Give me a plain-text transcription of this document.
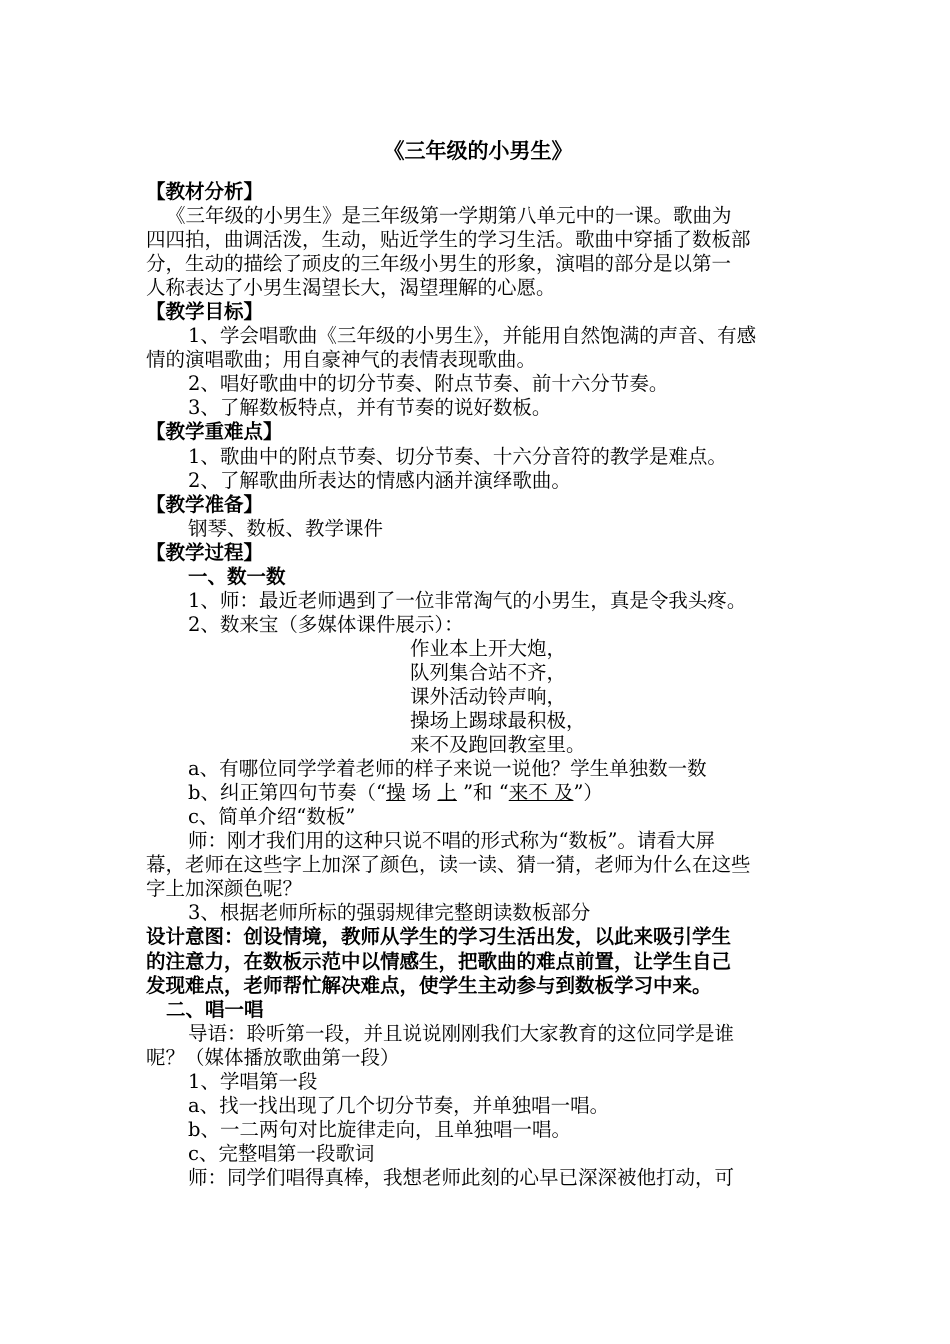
《三年级的小男生》
【教材分析】
《三年级的小男生》是三年级第一学期第八单元中的一课。歌曲为
四四拍，曲调活泼，生动，贴近学生的学习生活。歌曲中穿插了数板部
分，生动的描绘了顽皮的三年级小男生的形象，演唱的部分是以第一
人称表达了小男生渴望长大，渴望理解的心愿。
【教学目标】
1、学会唱歌曲《三年级的小男生》，并能用自然饱满的声音、有感
情的演唱歌曲；用自豪神气的表情表现歌曲。
2、唱好歌曲中的切分节奏、附点节奏、前十六分节奏。
3、了解数板特点，并有节奏的说好数板。
【教学重难点】
1、歌曲中的附点节奏、切分节奏、十六分音符的教学是难点。
2、了解歌曲所表达的情感内涵并演绎歌曲。
【教学准备】
钢琴、数板、教学课件
【教学过程】
一、数一数
1、师：最近老师遇到了一位非常淘气的小男生，真是令我头疼。
2、数来宝（多媒体课件展示）：
作业本上开大炮，
队列集合站不齐，
课外活动铃声响，
操场上踢球最积极，
来不及跑回教室里。
a、有哪位同学学着老师的样子来说一说他？学生单独数一数
b、纠正第四句节奏（“操 场 上 ”和 “来不 及”）
c、简单介绍“数板”
师：刚才我们用的这种只说不唱的形式称为“数板”。请看大屏
幕，老师在这些字上加深了颜色，读一读、猜一猜，老师为什么在这些
字上加深颜色呢？
3、根据老师所标的强弱规律完整朗读数板部分
设计意图：创设情境，教师从学生的学习生活出发，以此来吸引学生
的注意力，在数板示范中以情感生，把歌曲的难点前置，让学生自己
发现难点，老师帮忙解决难点，使学生主动参与到数板学习中来。
二、唱一唱
导语：聆听第一段，并且说说刚刚我们大家教育的这位同学是谁
呢？（媒体播放歌曲第一段）
1、学唱第一段
a、找一找出现了几个切分节奏，并单独唱一唱。
b、一二两句对比旋律走向，且单独唱一唱。
c、完整唱第一段歌词
师：同学们唱得真棒，我想老师此刻的心早已深深被他打动，可
